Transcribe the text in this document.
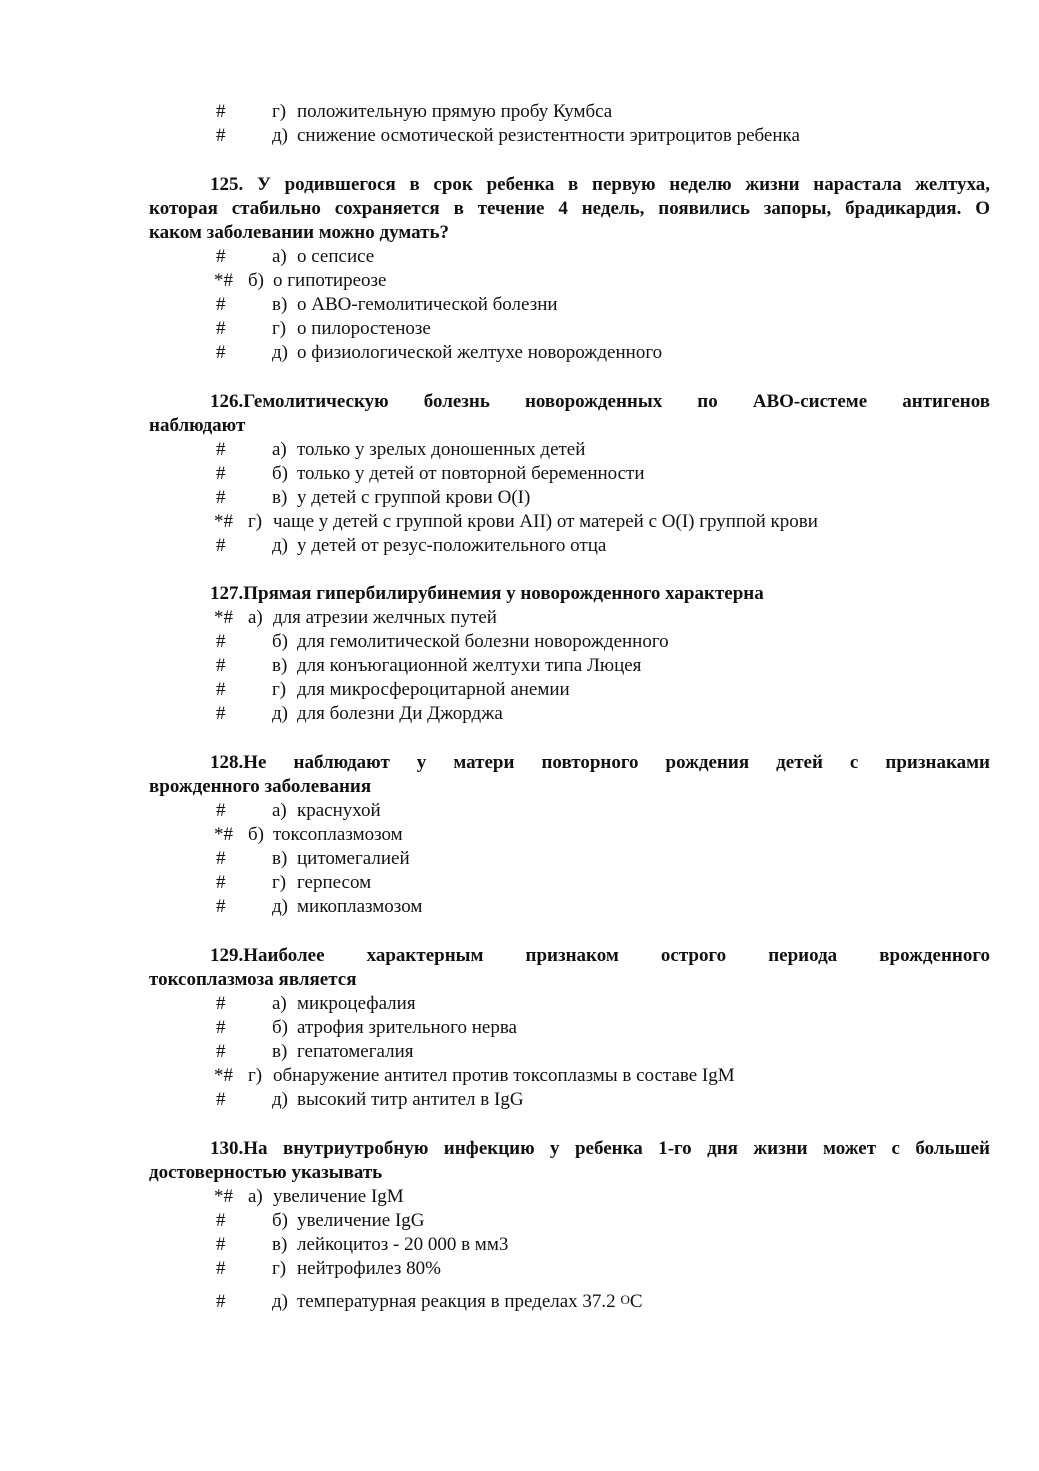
# г) положительную прямую пробу Кумбса
# д) снижение осмотической резистентности эритроцитов ребенка
125. У родившегося в срок ребенка в первую неделю жизни нарастала желтуха,
которая стабильно сохраняется в течение 4 недель, появились запоры, брадикардия. О
каком заболевании можно думать?
# а) о сепсисе
*# б) о гипотиреозе
# в) о АВО-гемолитической болезни
# г) о пилоростенозе
# д) о физиологической желтухе новорожденного
126.Гемолитическую болезнь новорожденных по АВО-системе антигенов
наблюдают
# а) только у зрелых доношенных детей
# б) только у детей от повторной беременности
# в) у детей с группой крови O(I)
*# г) чаще у детей с группой крови AII) от матерей с O(I) группой крови
# д) у детей от резус-положительного отца
127.Прямая гипербилирубинемия у новорожденного характерна
*# а) для атрезии желчных путей
# б) для гемолитической болезни новорожденного
# в) для конъюгационной желтухи типа Люцея
# г) для микросфероцитарной анемии
# д) для болезни Ди Джорджа
128.Не наблюдают у матери повторного рождения детей с признаками
врожденного заболевания
# а) краснухой
*# б) токсоплазмозом
# в) цитомегалией
# г) герпесом
# д) микоплазмозом
129.Наиболее характерным признаком острого периода врожденного
токсоплазмоза является
# а) микроцефалия
# б) атрофия зрительного нерва
# в) гепатомегалия
*# г) обнаружение антител против токсоплазмы в составе IgM
# д) высокий титр антител в IgG
130.На внутриутробную инфекцию у ребенка 1-го дня жизни может с большей
достоверностью указывать
*# а) увеличение IgM
# б) увеличение IgG
# в) лейкоцитоз - 20 000 в мм3
# г) нейтрофилез 80%
# д) температурная реакция в пределах 37.2 $^O$C
